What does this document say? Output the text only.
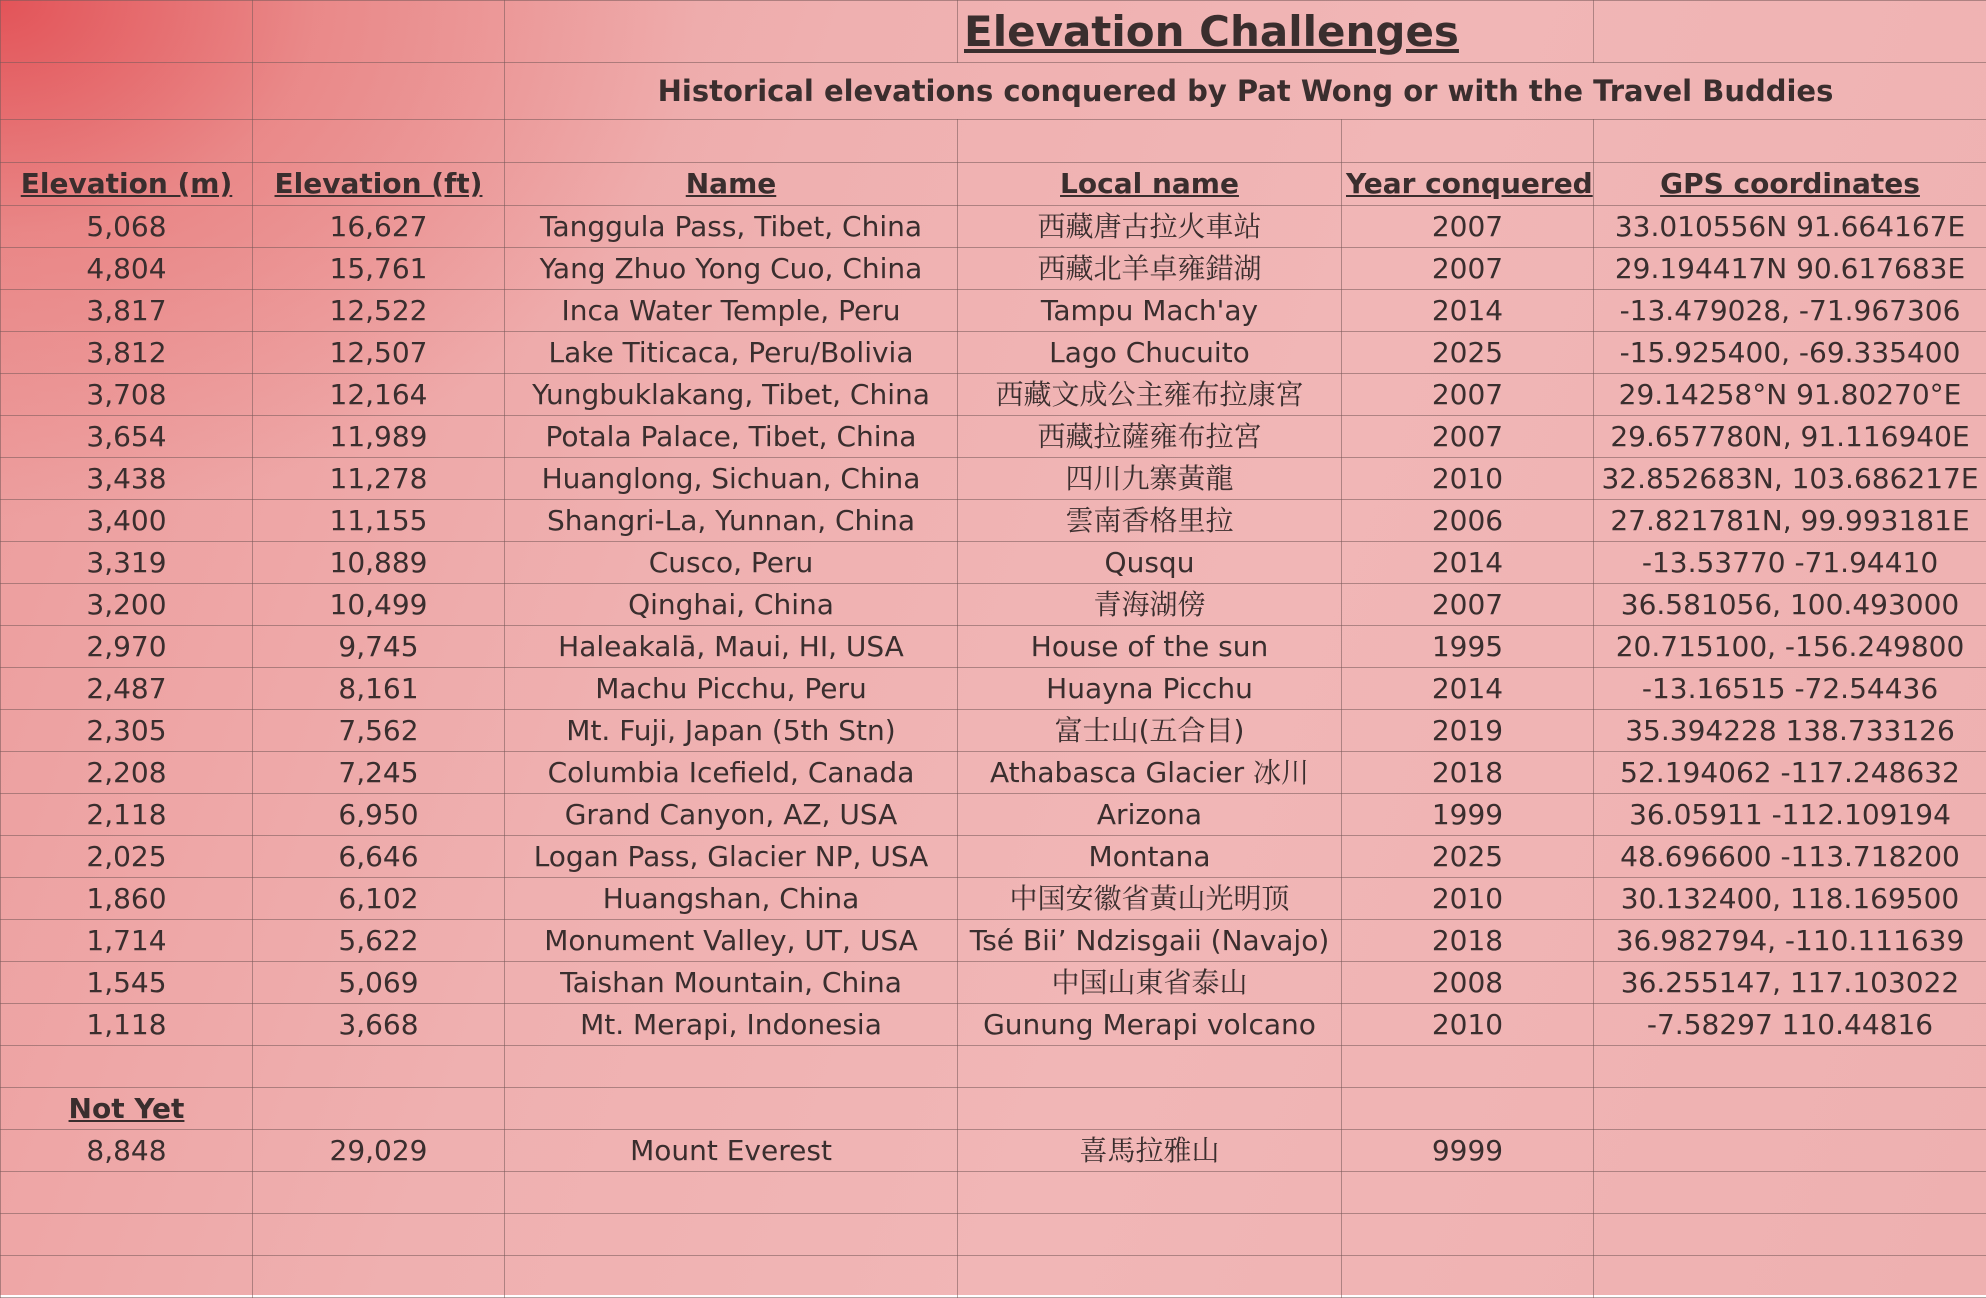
			Elevation Challenges		
		Historical elevations conquered by Pat Wong or with the Travel Buddies			

Elevation (m)	Elevation (ft)	Name	Local name	Year conquered	GPS coordinates
5,068	16,627	Tanggula Pass, Tibet, China	西藏唐古拉火車站	2007	33.010556N 91.664167E
4,804	15,761	Yang Zhuo Yong Cuo, China	西藏北羊卓雍錯湖	2007	29.194417N 90.617683E
3,817	12,522	Inca Water Temple, Peru	Tampu Mach'ay	2014	-13.479028, -71.967306
3,812	12,507	Lake Titicaca, Peru/Bolivia	Lago Chucuito	2025	-15.925400, -69.335400
3,708	12,164	Yungbuklakang, Tibet, China	西藏文成公主雍布拉康宮	2007	29.14258°N 91.80270°E
3,654	11,989	Potala Palace, Tibet, China	西藏拉薩雍布拉宮	2007	29.657780N, 91.116940E
3,438	11,278	Huanglong, Sichuan, China	四川九寨黃龍	2010	32.852683N, 103.686217E
3,400	11,155	Shangri-La, Yunnan, China	雲南香格里拉	2006	27.821781N, 99.993181E
3,319	10,889	Cusco, Peru	Qusqu	2014	-13.53770 -71.94410
3,200	10,499	Qinghai, China	青海湖傍	2007	36.581056, 100.493000
2,970	9,745	Haleakalā, Maui, HI, USA	House of the sun	1995	20.715100, -156.249800
2,487	8,161	Machu Picchu, Peru	Huayna Picchu	2014	-13.16515 -72.54436
2,305	7,562	Mt. Fuji, Japan (5th Stn)	富士山(五合目)	2019	35.394228 138.733126
2,208	7,245	Columbia Icefield, Canada	Athabasca Glacier 冰川	2018	52.194062 -117.248632
2,118	6,950	Grand Canyon, AZ, USA	Arizona	1999	36.05911 -112.109194
2,025	6,646	Logan Pass, Glacier NP, USA	Montana	2025	48.696600 -113.718200
1,860	6,102	Huangshan, China	中国安徽省黃山光明顶	2010	30.132400, 118.169500
1,714	5,622	Monument Valley, UT, USA	Tsé Bii’ Ndzisgaii (Navajo)	2018	36.982794, -110.111639
1,545	5,069	Taishan Mountain, China	中国山東省泰山	2008	36.255147, 117.103022
1,118	3,668	Mt. Merapi, Indonesia	Gunung Merapi volcano	2010	-7.58297 110.44816

Not Yet					
8,848	29,029	Mount Everest	喜馬拉雅山	9999	
